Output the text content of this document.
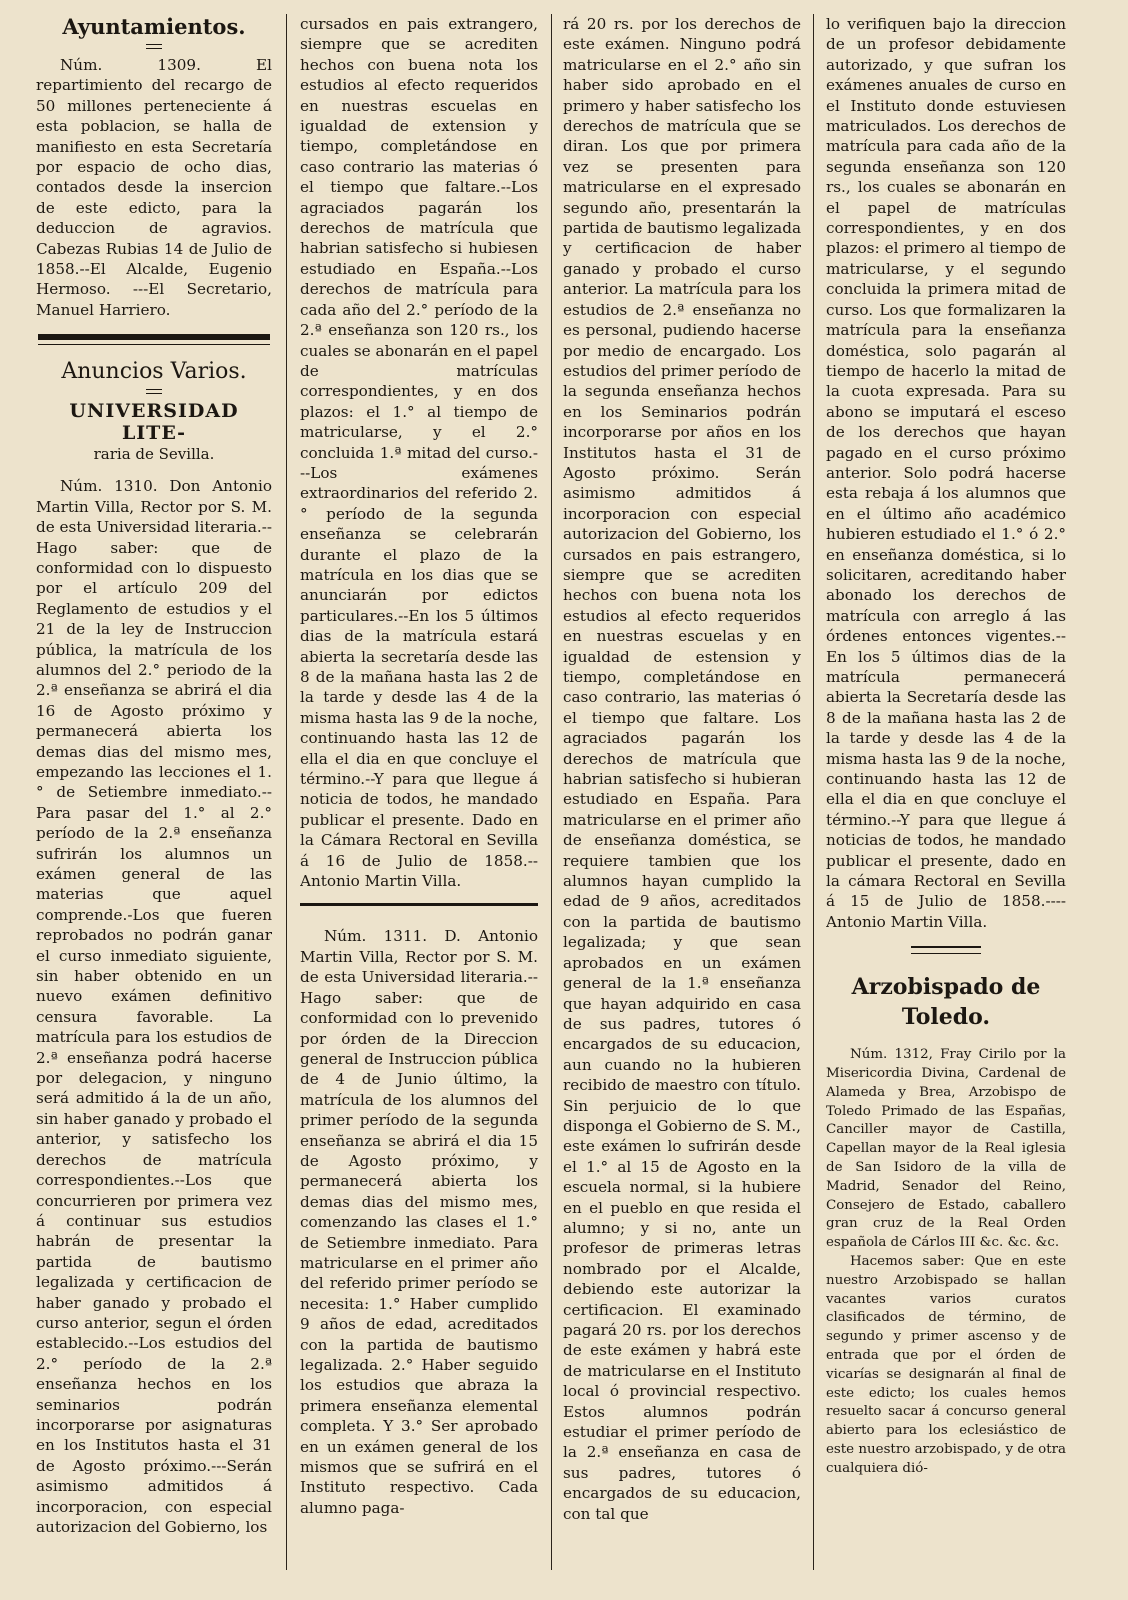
Ayuntamientos.

Núm. 1309. El repartimiento del recargo de 50 millones perteneciente á esta poblacion, se halla de manifiesto en esta Secretaría por espacio de ocho dias, contados desde la insercion de este edicto, para la deduccion de agravios. Cabezas Rubias 14 de Julio de 1858.--El Alcalde, Eugenio Hermoso. ---El Secretario, Manuel Harriero.

Anuncios Varios.
UNIVERSIDAD LITE-
raria de Sevilla.

Núm. 1310. Don Antonio Martin Villa, Rector por S. M. de esta Universidad literaria.--Hago saber: que de conformidad con lo dispuesto por el artículo 209 del Reglamento de estudios y el 21 de la ley de Instruccion pública, la matrícula de los alumnos del 2.° periodo de la 2.ª enseñanza se abrirá el dia 16 de Agosto próximo y permanecerá abierta los demas dias del mismo mes, empezando las lecciones el 1.° de Setiembre inmediato.--Para pasar del 1.° al 2.° período de la 2.ª enseñanza sufrirán los alumnos un exámen general de las materias que aquel comprende.-Los que fueren reprobados no podrán ganar el curso inmediato siguiente, sin haber obtenido en un nuevo exámen definitivo censura favorable. La matrícula para los estudios de 2.ª enseñanza podrá hacerse por delegacion, y ninguno será admitido á la de un año, sin haber ganado y probado el anterior, y satisfecho los derechos de matrícula correspondientes.--Los que concurrieren por primera vez á continuar sus estudios habrán de presentar la partida de bautismo legalizada y certificacion de haber ganado y probado el curso anterior, segun el órden establecido.--Los estudios del 2.° período de la 2.ª enseñanza hechos en los seminarios podrán incorporarse por asignaturas en los Institutos hasta el 31 de Agosto próximo.---Serán asimismo admitidos á incorporacion, con especial autorizacion del Gobierno, los

cursados en pais extrangero, siempre que se acrediten hechos con buena nota los estudios al efecto requeridos en nuestras escuelas en igualdad de extension y tiempo, completándose en caso contrario las materias ó el tiempo que faltare.--Los agraciados pagarán los derechos de matrícula que habrian satisfecho si hubiesen estudiado en España.--Los derechos de matrícula para cada año del 2.° período de la 2.ª enseñanza son 120 rs., los cuales se abonarán en el papel de matrículas correspondientes, y en dos plazos: el 1.° al tiempo de matricularse, y el 2.° concluida 1.ª mitad del curso.---Los exámenes extraordinarios del referido 2.° período de la segunda enseñanza se celebrarán durante el plazo de la matrícula en los dias que se anunciarán por edictos particulares.--En los 5 últimos dias de la matrícula estará abierta la secretaría desde las 8 de la mañana hasta las 2 de la tarde y desde las 4 de la misma hasta las 9 de la noche, continuando hasta las 12 de ella el dia en que concluye el término.--Y para que llegue á noticia de todos, he mandado publicar el presente. Dado en la Cámara Rectoral en Sevilla á 16 de Julio de 1858.--Antonio Martin Villa.

Núm. 1311. D. Antonio Martin Villa, Rector por S. M. de esta Universidad literaria.--Hago saber: que de conformidad con lo prevenido por órden de la Direccion general de Instruccion pública de 4 de Junio último, la matrícula de los alumnos del primer período de la segunda enseñanza se abrirá el dia 15 de Agosto próximo, y permanecerá abierta los demas dias del mismo mes, comenzando las clases el 1.° de Setiembre inmediato. Para matricularse en el primer año del referido primer período se necesita: 1.° Haber cumplido 9 años de edad, acreditados con la partida de bautismo legalizada. 2.° Haber seguido los estudios que abraza la primera enseñanza elemental completa. Y 3.° Ser aprobado en un exámen general de los mismos que se sufrirá en el Instituto respectivo. Cada alumno paga-

rá 20 rs. por los derechos de este exámen. Ninguno podrá matricularse en el 2.° año sin haber sido aprobado en el primero y haber satisfecho los derechos de matrícula que se diran. Los que por primera vez se presenten para matricularse en el expresado segundo año, presentarán la partida de bautismo legalizada y certificacion de haber ganado y probado el curso anterior. La matrícula para los estudios de 2.ª enseñanza no es personal, pudiendo hacerse por medio de encargado. Los estudios del primer período de la segunda enseñanza hechos en los Seminarios podrán incorporarse por años en los Institutos hasta el 31 de Agosto próximo. Serán asimismo admitidos á incorporacion con especial autorizacion del Gobierno, los cursados en pais estrangero, siempre que se acrediten hechos con buena nota los estudios al efecto requeridos en nuestras escuelas y en igualdad de estension y tiempo, completándose en caso contrario, las materias ó el tiempo que faltare. Los agraciados pagarán los derechos de matrícula que habrian satisfecho si hubieran estudiado en España. Para matricularse en el primer año de enseñanza doméstica, se requiere tambien que los alumnos hayan cumplido la edad de 9 años, acreditados con la partida de bautismo legalizada; y que sean aprobados en un exámen general de la 1.ª enseñanza que hayan adquirido en casa de sus padres, tutores ó encargados de su educacion, aun cuando no la hubieren recibido de maestro con título. Sin perjuicio de lo que disponga el Gobierno de S. M., este exámen lo sufrirán desde el 1.° al 15 de Agosto en la escuela normal, si la hubiere en el pueblo en que resida el alumno; y si no, ante un profesor de primeras letras nombrado por el Alcalde, debiendo este autorizar la certificacion. El examinado pagará 20 rs. por los derechos de este exámen y habrá este de matricularse en el Instituto local ó provincial respectivo. Estos alumnos podrán estudiar el primer período de la 2.ª enseñanza en casa de sus padres, tutores ó encargados de su educacion, con tal que

lo verifiquen bajo la direccion de un profesor debidamente autorizado, y que sufran los exámenes anuales de curso en el Instituto donde estuviesen matriculados. Los derechos de matrícula para cada año de la segunda enseñanza son 120 rs., los cuales se abonarán en el papel de matrículas correspondientes, y en dos plazos: el primero al tiempo de matricularse, y el segundo concluida la primera mitad de curso. Los que formalizaren la matrícula para la enseñanza doméstica, solo pagarán al tiempo de hacerlo la mitad de la cuota expresada. Para su abono se imputará el esceso de los derechos que hayan pagado en el curso próximo anterior. Solo podrá hacerse esta rebaja á los alumnos que en el último año académico hubieren estudiado el 1.° ó 2.° en enseñanza doméstica, si lo solicitaren, acreditando haber abonado los derechos de matrícula con arreglo á las órdenes entonces vigentes.--En los 5 últimos dias de la matrícula permanecerá abierta la Secretaría desde las 8 de la mañana hasta las 2 de la tarde y desde las 4 de la misma hasta las 9 de la noche, continuando hasta las 12 de ella el dia en que concluye el término.--Y para que llegue á noticias de todos, he mandado publicar el presente, dado en la cámara Rectoral en Sevilla á 15 de Julio de 1858.----Antonio Martin Villa.

Arzobispado de Toledo.

Núm. 1312, Fray Cirilo por la Misericordia Divina, Cardenal de Alameda y Brea, Arzobispo de Toledo Primado de las Españas, Canciller mayor de Castilla, Capellan mayor de la Real iglesia de San Isidoro de la villa de Madrid, Senador del Reino, Consejero de Estado, caballero gran cruz de la Real Orden española de Cárlos III &c. &c. &c.

Hacemos saber: Que en este nuestro Arzobispado se hallan vacantes varios curatos clasificados de término, de segundo y primer ascenso y de entrada que por el órden de vicarías se designarán al final de este edicto; los cuales hemos resuelto sacar á concurso general abierto para los eclesiástico de este nuestro arzobispado, y de otra cualquiera dió-
